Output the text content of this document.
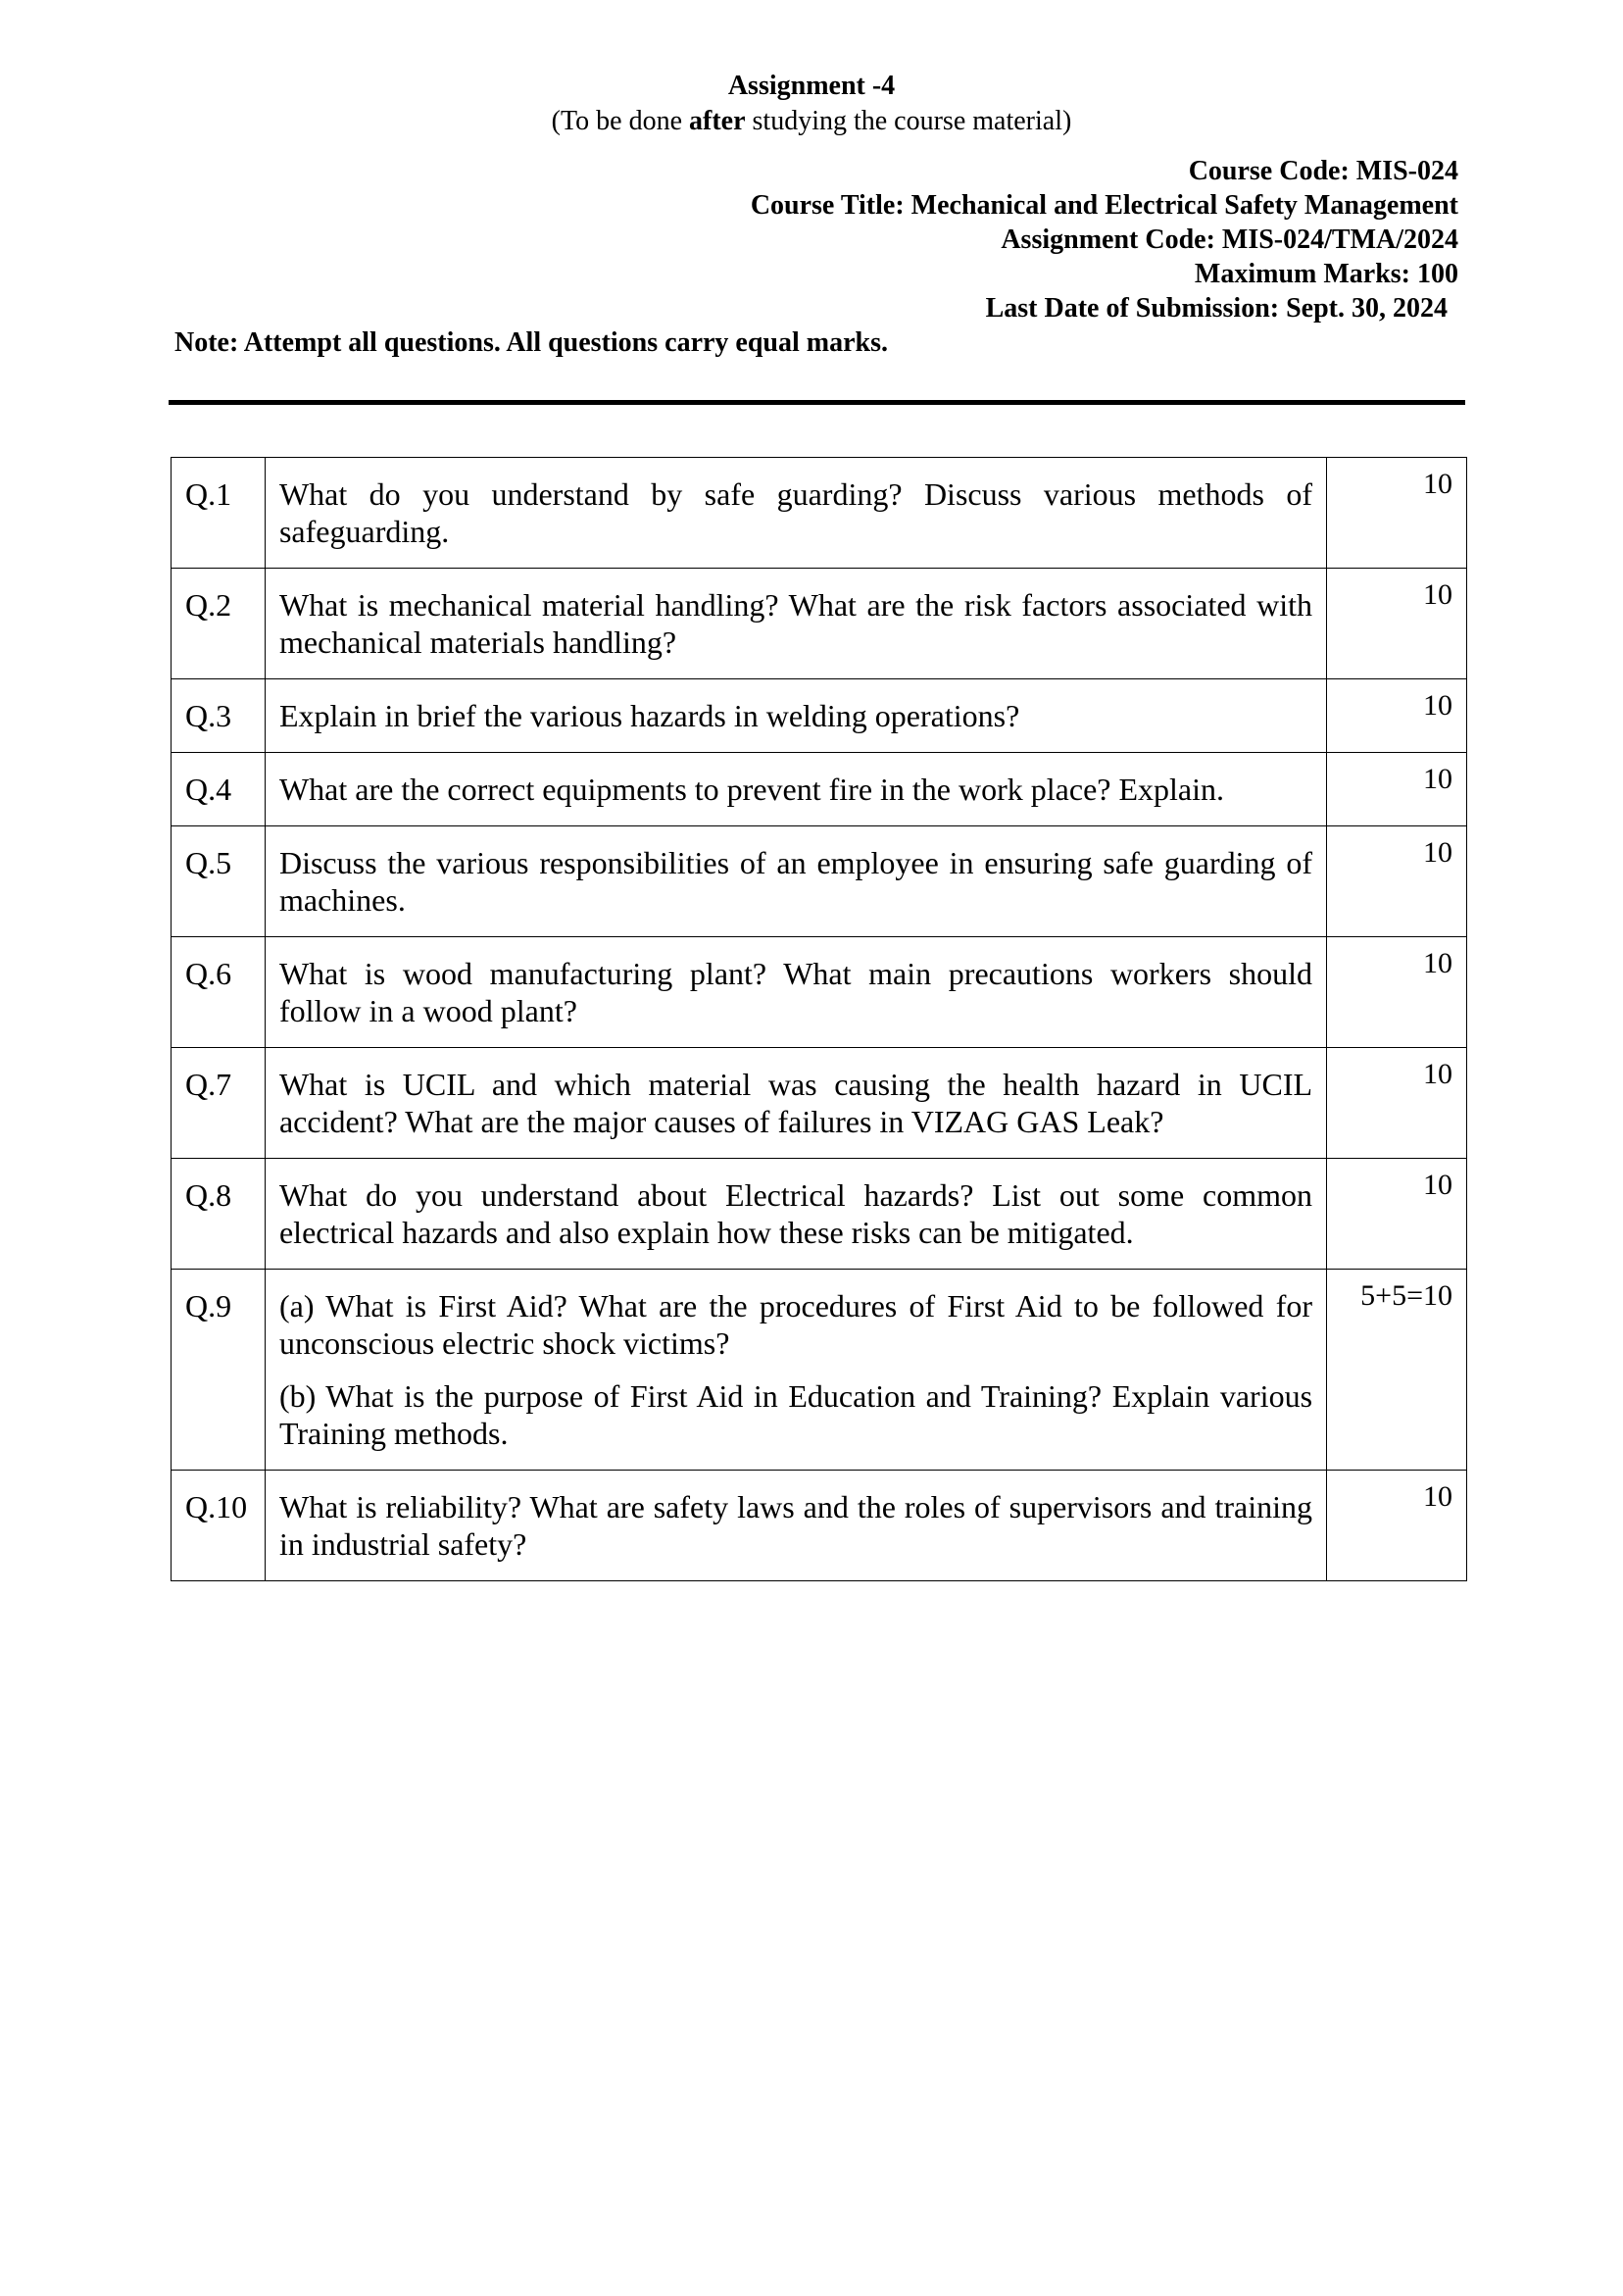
Assignment -4
(To be done after studying the course material)
Course Code: MIS-024
Course Title: Mechanical and Electrical Safety Management
Assignment Code: MIS-024/TMA/2024
Maximum Marks: 100
Last Date of Submission: Sept. 30, 2024
Note: Attempt all questions. All questions carry equal marks.
Q.1	What do you understand by safe guarding? Discuss various methods of safeguarding.	10
Q.2	What is mechanical material handling? What are the risk factors associated with mechanical materials handling?	10
Q.3	Explain in brief the various hazards in welding operations?	10
Q.4	What are the correct equipments to prevent fire in the work place? Explain.	10
Q.5	Discuss the various responsibilities of an employee in ensuring safe guarding of machines.	10
Q.6	What is wood manufacturing plant? What main precautions workers should follow in a wood plant?	10
Q.7	What is UCIL and which material was causing the health hazard in UCIL accident? What are the major causes of failures in VIZAG GAS Leak?	10
Q.8	What do you understand about Electrical hazards? List out some common electrical hazards and also explain how these risks can be mitigated.	10
Q.9	(a) What is First Aid? What are the procedures of First Aid to be followed for unconscious electric shock victims?
(b) What is the purpose of First Aid in Education and Training? Explain various Training methods.	5+5=10
Q.10	What is reliability? What are safety laws and the roles of supervisors and training in industrial safety?	10
